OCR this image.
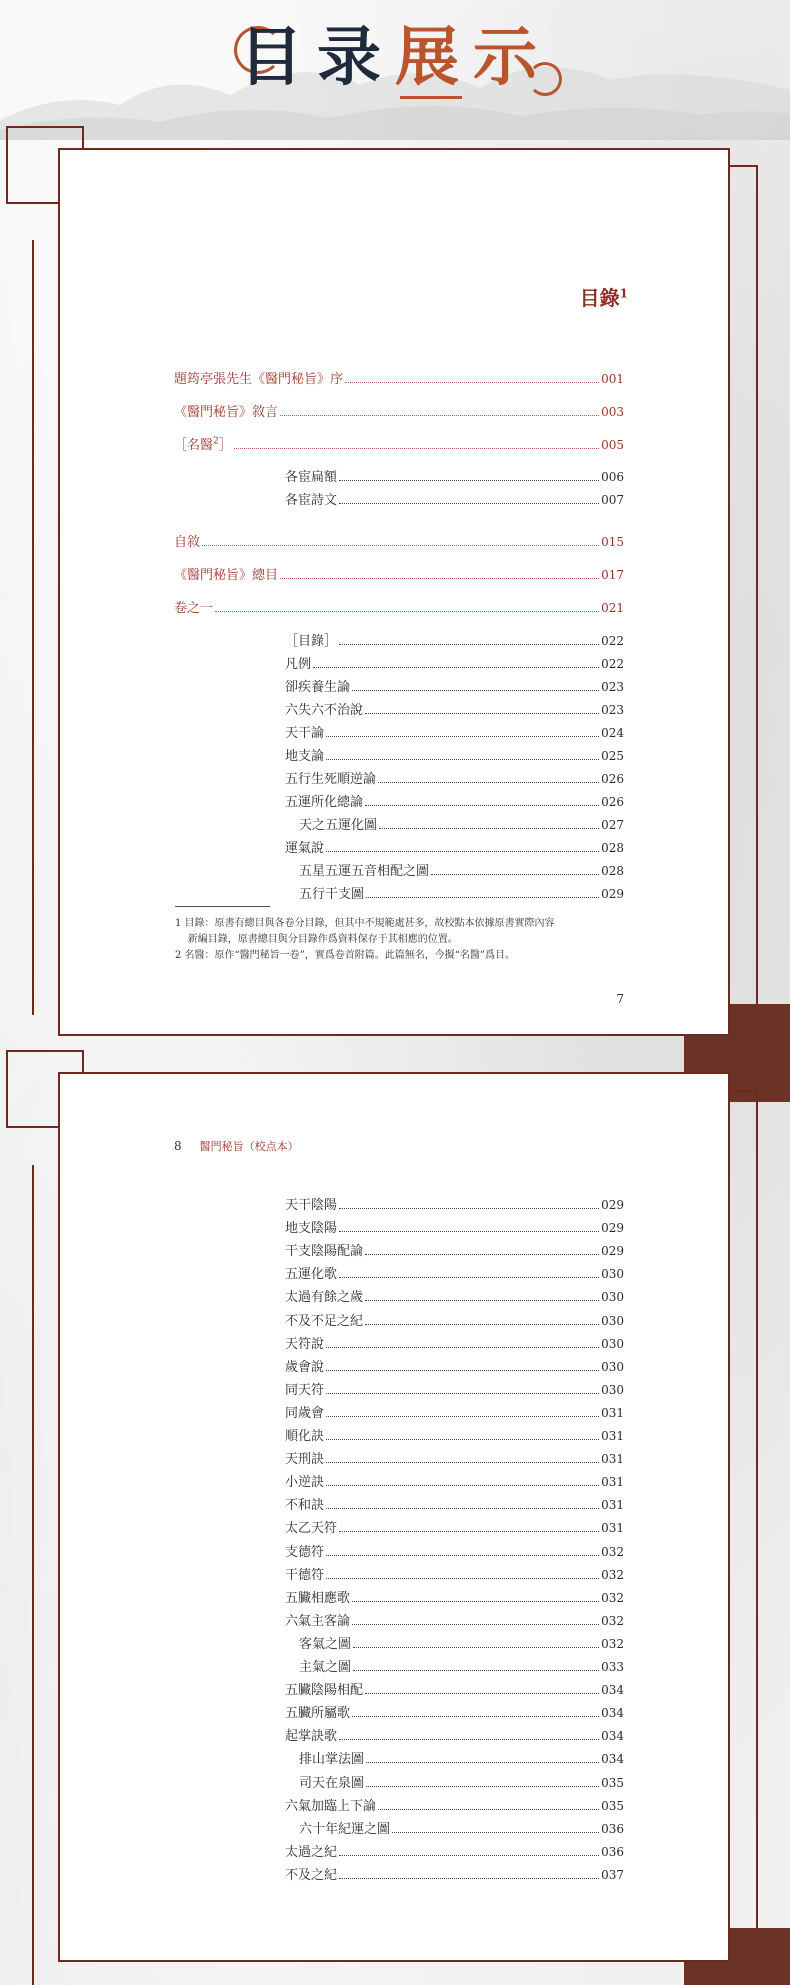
目录展示
目錄$^1$
題筠亭張先生《醫門秘旨》序	001
《醫門秘旨》敘言	003
［名醫$^2$］	005
各宦扁額	006
各宦詩文	007
自敘	015
《醫門秘旨》總目	017
卷之一	021
［目錄］	022
凡例	022
卻疾養生論	023
六失六不治說	023
天干論	024
地支論	025
五行生死順逆論	026
五運所化總論	026
天之五運化圖	027
運氣說	028
五星五運五音相配之圖	028
五行干支圖	029
1 目錄：原書有總目與各卷分目錄，但其中不規範處甚多，故校點本依據原書實際內容
新編目錄，原書總目與分目錄作爲資料保存于其相應的位置。
2 名醫：原作“醫門秘旨一卷”，實爲卷首附篇。此篇無名，今擬“名醫”爲目。
7
8 醫門秘旨（校点本）
天干陰陽	029
地支陰陽	029
干支陰陽配論	029
五運化歌	030
太過有餘之歲	030
不及不足之紀	030
天符說	030
歲會說	030
同天符	030
同歲會	031
順化訣	031
天刑訣	031
小逆訣	031
不和訣	031
太乙天符	031
支德符	032
干德符	032
五臟相應歌	032
六氣主客論	032
客氣之圖	032
主氣之圖	033
五臟陰陽相配	034
五臟所屬歌	034
起掌訣歌	034
排山掌法圖	034
司天在泉圖	035
六氣加臨上下論	035
六十年紀運之圖	036
太過之紀	036
不及之紀	037
